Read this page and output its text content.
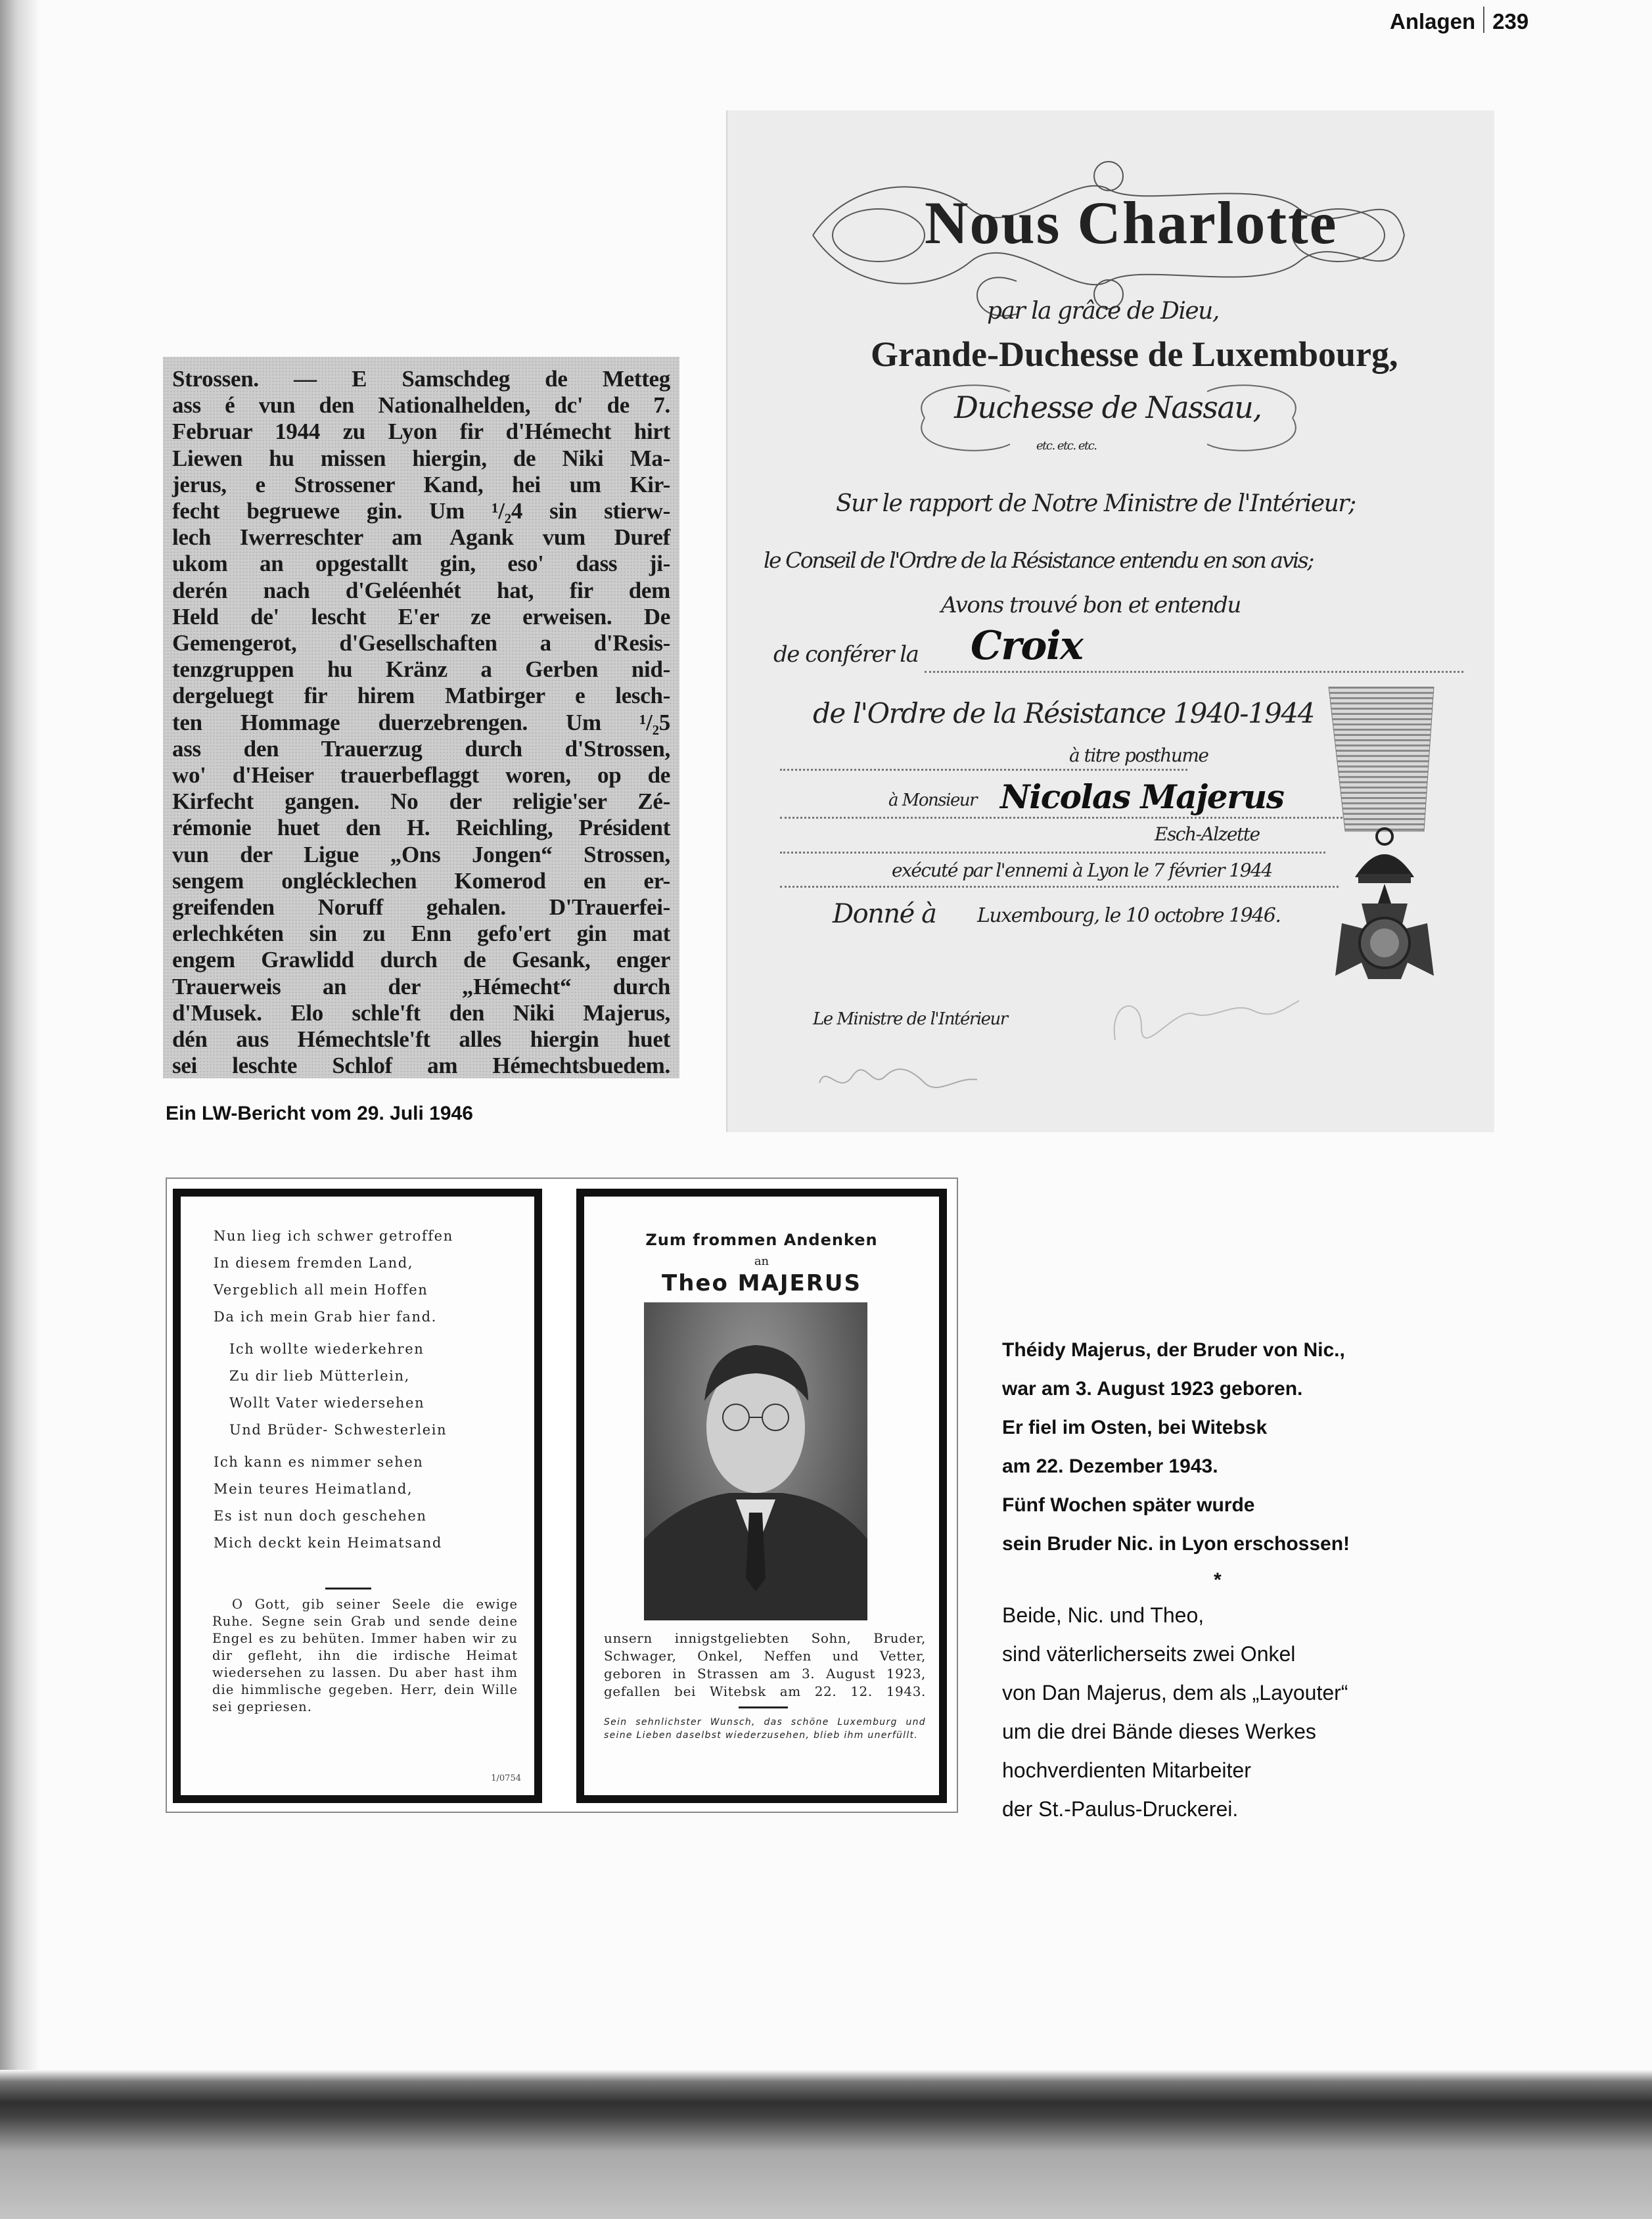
Anlagen 239
Strossen. — E Samschdeg de Metteg
ass é vun den Nationalhelden, dc' de 7.
Februar 1944 zu Lyon fir d'Hémecht hirt
Liewen hu missen hiergin, de Niki Ma-
jerus, e Strossener Kand, hei um Kir-
fecht begruewe gin. Um ¹/₂4 sin stierw-
lech Iwerreschter am Agank vum Duref
ukom an opgestallt gin, eso' dass ji-
derén nach d'Geléenhét hat, fir dem
Held de' lescht E'er ze erweisen. De
Gemengerot, d'Gesellschaften a d'Resis-
tenzgruppen hu Kränz a Gerben nid-
dergeluegt fir hirem Matbirger e lesch-
ten Hommage duerzebrengen. Um ¹/₂5
ass den Trauerzug durch d'Strossen,
wo' d'Heiser trauerbeflaggt woren, op de
Kirfecht gangen. No der religie'ser Zé-
rémonie huet den H. Reichling, Président
vun der Ligue „Ons Jongen“ Strossen,
sengem onglécklechen Komerod en er-
greifenden Noruff gehalen. D'Trauerfei-
erlechkéten sin zu Enn gefo'ert gin mat
engem Grawlidd durch de Gesank, enger
Trauerweis an der „Hémecht“ durch
d'Musek. Elo schle'ft den Niki Majerus,
dén aus Hémechtsle'ft alles hiergin huet
sei leschte Schlof am Hémechtsbuedem.
Ein LW-Bericht vom 29. Juli 1946
Nous Charlotte
par la grâce de Dieu,
Grande-Duchesse de Luxembourg,
Duchesse de Nassau,
etc. etc. etc.
Sur le rapport de Notre Ministre de l'Intérieur;
le Conseil de l'Ordre de la Résistance entendu en son avis;
Avons trouvé bon et entendu
de conférer la Croix
de l'Ordre de la Résistance 1940-1944
à titre posthume
à Monsieur Nicolas Majerus
Esch-Alzette
exécuté par l'ennemi à Lyon le 7 février 1944
Donné à Luxembourg, le 10 octobre 1946.
Le Ministre de l'Intérieur
Nun lieg ich schwer getroffen
In diesem fremden Land,
Vergeblich all mein Hoffen
Da ich mein Grab hier fand.
Ich wollte wiederkehren
Zu dir lieb Mütterlein,
Wollt Vater wiedersehen
Und Brüder- Schwesterlein
Ich kann es nimmer sehen
Mein teures Heimatland,
Es ist nun doch geschehen
Mich deckt kein Heimatsand
O Gott, gib seiner Seele die ewige Ruhe. Segne sein Grab und sende deine Engel es zu behüten. Immer haben wir zu dir gefleht, ihn die irdische Heimat wiedersehen zu lassen. Du aber hast ihm die himmlische gegeben. Herr, dein Wille sei gepriesen.
1/0754
Zum frommen Andenken
an
Theo MAJERUS
unsern innigstgeliebten Sohn, Bruder,
Schwager, Onkel, Neffen und Vetter,
geboren in Strassen am 3. August 1923,
gefallen bei Witebsk am 22. 12. 1943.
Sein sehnlichster Wunsch, das schöne Luxemburg und seine Lieben daselbst wiederzusehen, blieb ihm unerfüllt.
Théidy Majerus, der Bruder von Nic.,
war am 3. August 1923 geboren.
Er fiel im Osten, bei Witebsk
am 22. Dezember 1943.
Fünf Wochen später wurde
sein Bruder Nic. in Lyon erschossen!
*
Beide, Nic. und Theo,
sind väterlicherseits zwei Onkel
von Dan Majerus, dem als „Layouter“
um die drei Bände dieses Werkes
hochverdienten Mitarbeiter
der St.-Paulus-Druckerei.
